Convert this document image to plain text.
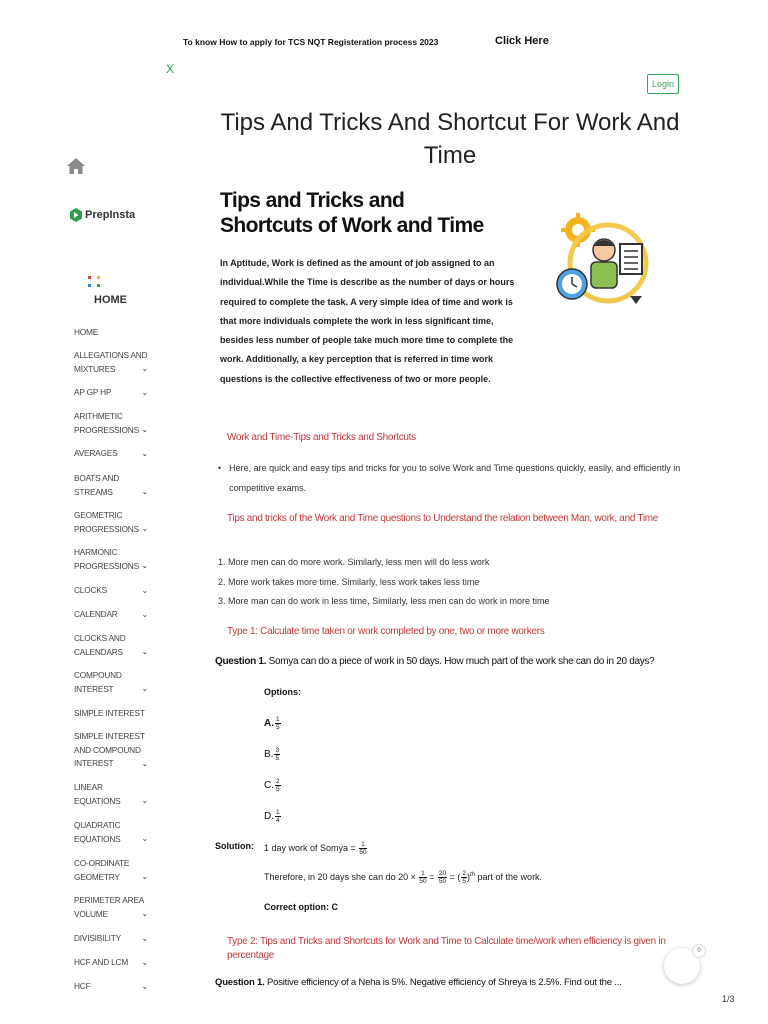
To know How to apply for TCS NQT Registeration process 2023	Click Here
X
Login
Tips And Tricks And Shortcut For Work And Time
PrepInsta
HOME
HOME
ALLEGATIONS AND MIXTURES	⌄
AP GP HP	⌄
ARITHMETIC PROGRESSIONS ⌄
AVERAGES	⌄
BOATS AND STREAMS	⌄
GEOMETRIC PROGRESSIONS ⌄
HARMONIC PROGRESSIONS ⌄
CLOCKS	⌄
CALENDAR	⌄
CLOCKS AND CALENDARS ⌄
COMPOUND INTEREST	⌄
SIMPLE INTEREST
SIMPLE INTEREST AND COMPOUND INTEREST	⌄
LINEAR EQUATIONS	⌄
QUADRATIC EQUATIONS	⌄
CO-ORDINATE GEOMETRY	⌄
PERIMETER AREA VOLUME	⌄
DIVISIBILITY	⌄
HCF AND LCM ⌄
HCF	⌄
Tips and Tricks and
Shortcuts of Work and Time
In Aptitude, Work is defined as the amount of job assigned to an individual.While the Time is describe as the number of days or hours required to complete the task. A very simple idea of time and work is that more individuals complete the work in less significant time, besides less number of people take much more time to complete the work. Additionally, a key perception that is referred in time work questions is the collective effectiveness of two or more people.
Work and Time-Tips and Tricks and Shortcuts
• Here, are quick and easy tips and tricks for you to solve Work and Time questions quickly, easily, and efficiently in competitive exams.
Tips and tricks of the Work and Time questions to Understand the relation between Man, work, and Time
1. More men can do more work. Similarly, less men will do less work
2. More work takes more time. Similarly, less work takes less time
3. More man can do work in less time, Similarly, less men can do work in more time
Type 1: Calculate time taken or work completed by one, two or more workers
Question 1. Somya can do a piece of work in 50 days. How much part of the work she can do in 20 days?
Options:
A. $\frac{1}{5}$
B. $\frac{3}{5}$
C. $\frac{2}{5}$
D. $\frac{1}{4}$
Solution: 1 day work of Somya = $\frac{1}{50}$
Therefore, in 20 days she can do $20 \times \frac{1}{50} = \frac{20}{50}$ = ( $\frac{2}{5} )^{th}$ part of the work.
Correct option: C
Type 2: Tips and Tricks and Shortcuts for Work and Time to Calculate time/work when efficiency is given in percentage
Question 1. Positive efficiency of a Neha is 5%. Negative efficiency of Shreya is 2.5%. Find out the ...
0
1/3
